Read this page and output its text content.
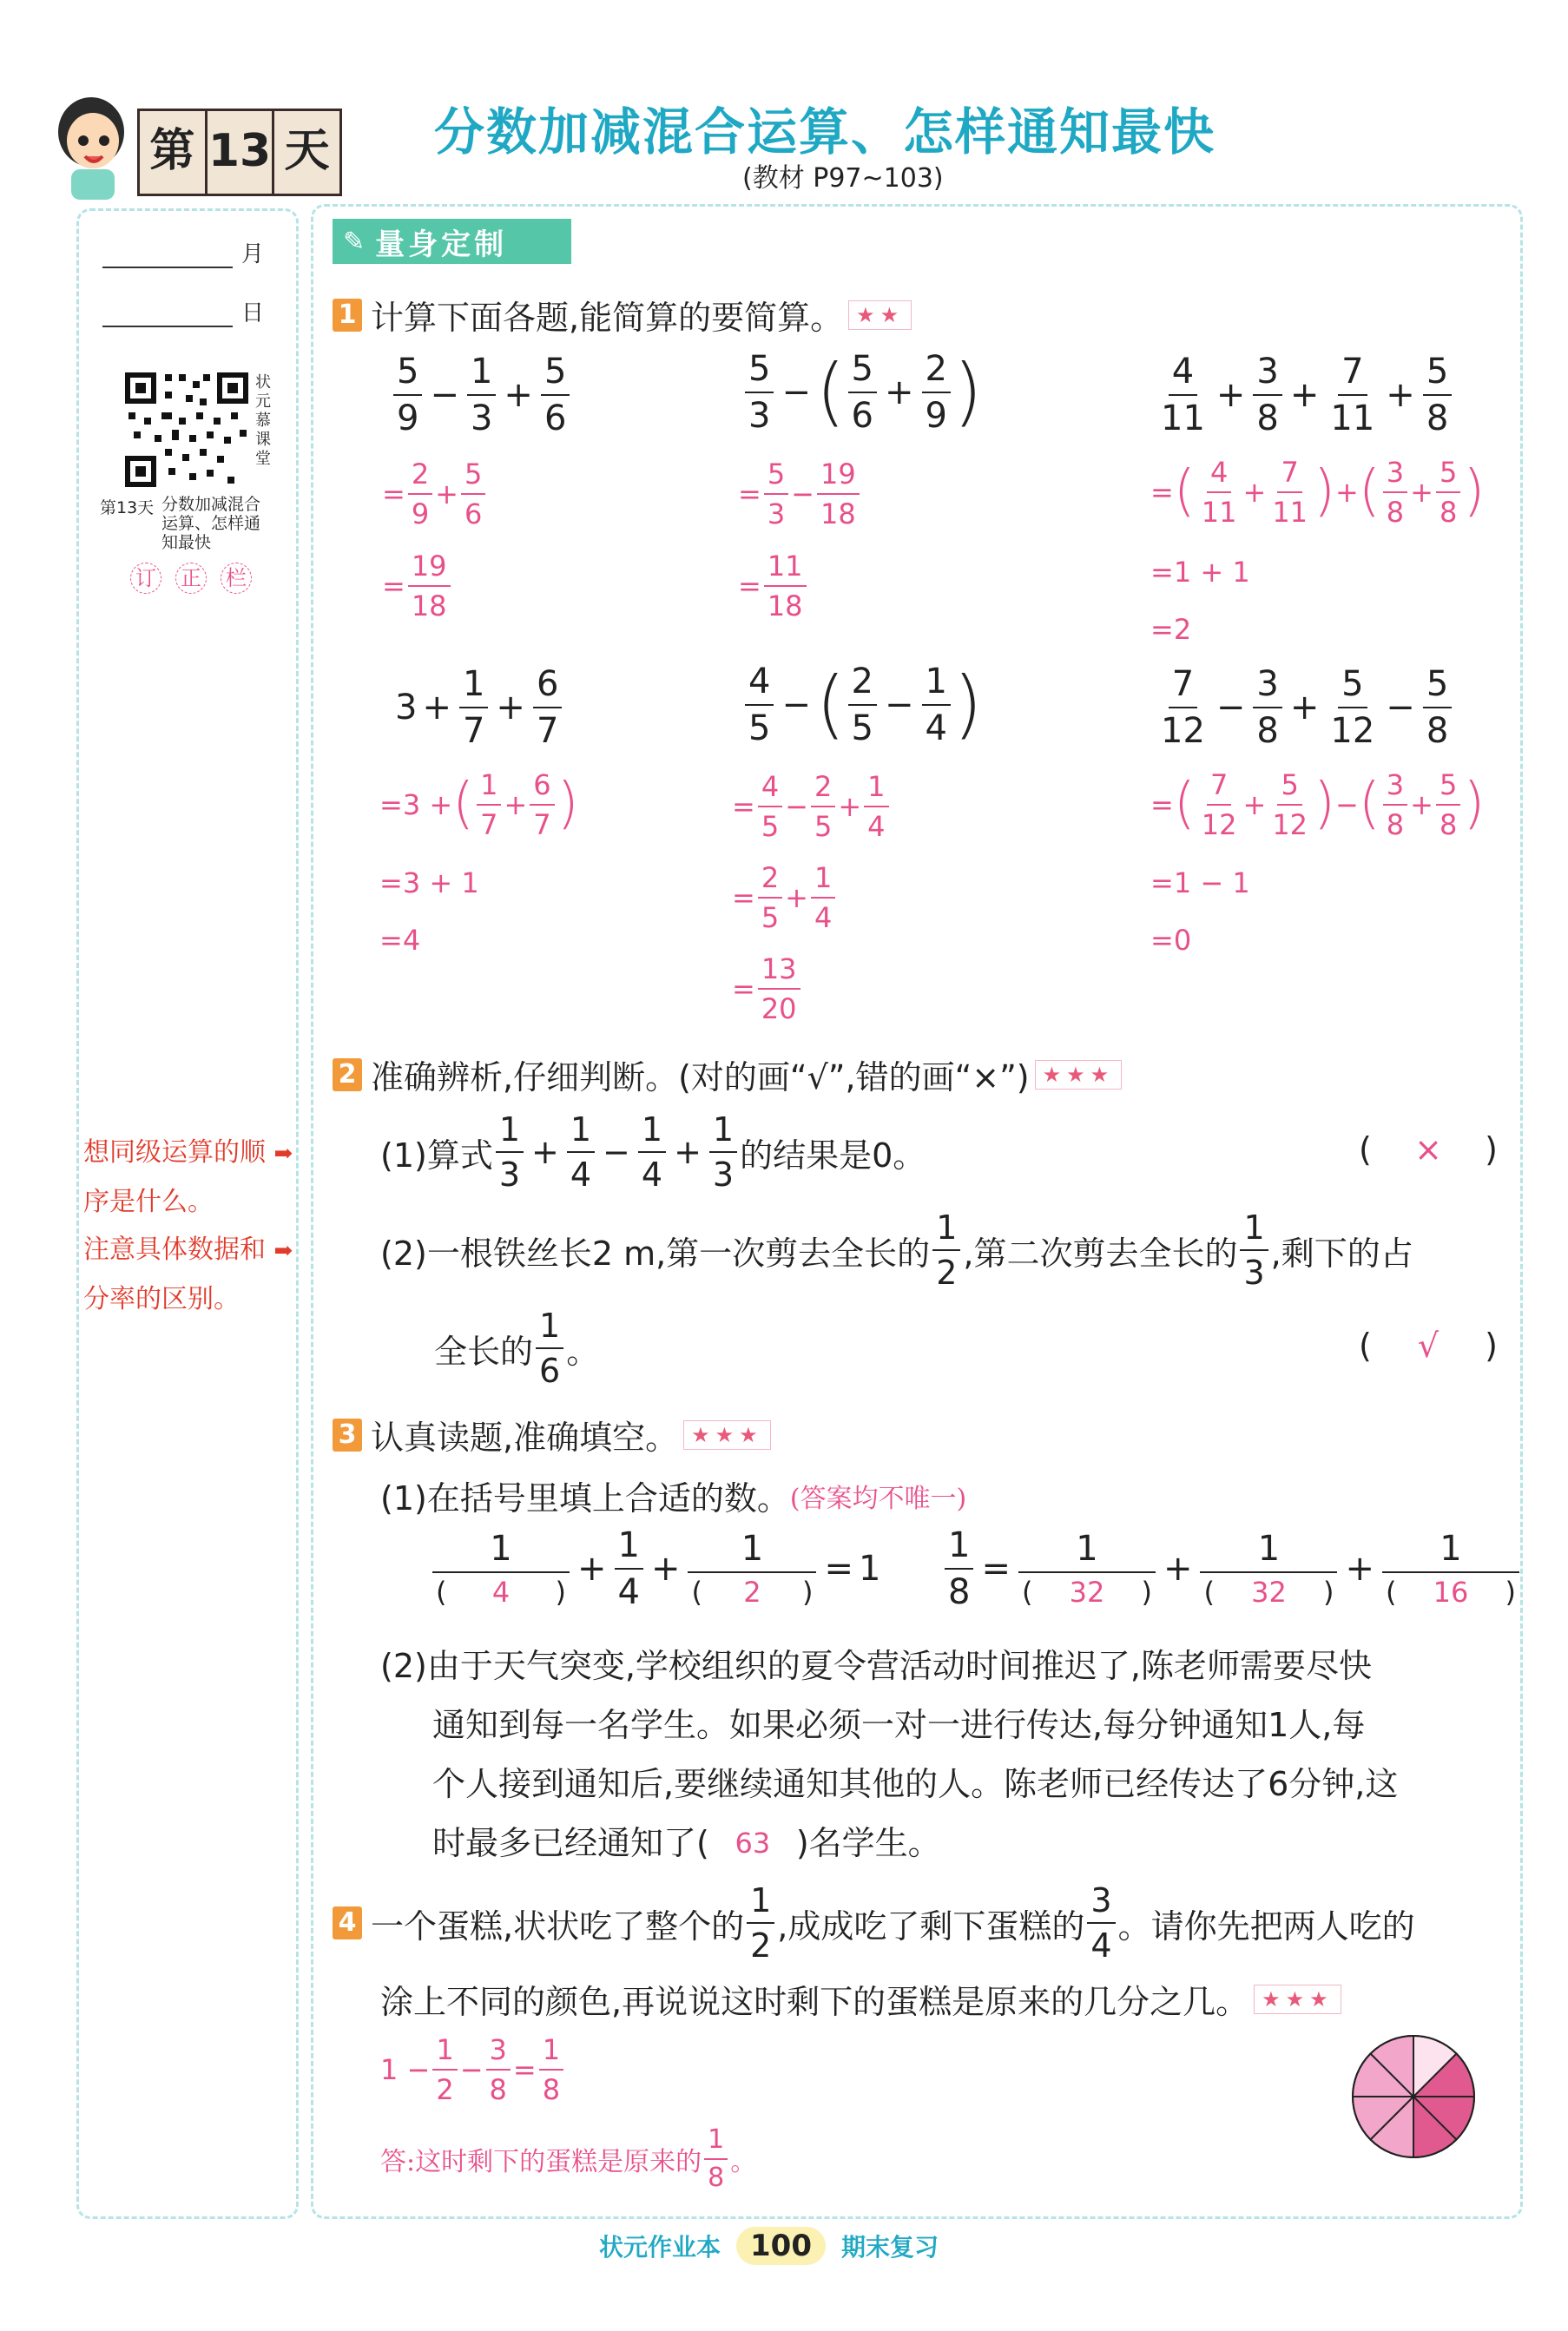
第 13 天 分数加减混合运算、怎样通知最快
(教材 P97~103)
月
日
状元慕课堂
第13天 分数加减混合运算、怎样通知最快
订 正 栏
想同级运算的顺 ➡
序是什么。
注意具体数据和 ➡
分率的区别。
✎ 量身定制
1 计算下面各题,能简算的要简算。 ★★
5
9
− $\frac{1}{3} + \frac{5}{6}$
=
2
9
+
5
6
=
19
18
5
3
− ( 5
6
+ $\frac{2}{9}$ )
=
5
3
−
19
18
=
11
18
4
11
+ $\frac{3}{8} + \frac{7}{11} + \frac{5}{8}$
= ( 4
11
+
7
11 ) + ( 3
8
+
5
8 )
=1 + 1
=2
$3 + \frac{1}{7} + \frac{6}{7}$
=3 + ( 1
7
+
6
7 )
=3 + 1
=4
4
5
− ( 2
5
− $\frac{1}{4}$ )
=
4
5
−
2
5
+
1
4
=
2
5
+
1
4
=
13
20
7
12
− $\frac{3}{8} + \frac{5}{12} - \frac{5}{8}$
= ( 7
12
+
5
12 ) − ( 3
8
+
5
8 )
=1 − 1
=0
2 准确辨析,仔细判断。(对的画“√”,错的画“×”) ★★★
(1)算式
1
3
+ $\frac{1}{4} - \frac{1}{4} + \frac{1}{3}$ 的结果是0。	( × )
(2)一根铁丝长2 m,第一次剪去全长的
1
2
,第二次剪去全长的
1
3
,剩下的占
全长的
1
6
。	( √ )
3 认真读题,准确填空。 ★★★
(1)在括号里填上合适的数。 (答案均不唯一)
1
( 4 )
+ $\frac{1}{4}$ +	1
( 2 )
= $1 \frac{1}{8}$ =	1
( 32 )
+	1
( 32 )
+	1
( 16 )
(2)由于天气突变,学校组织的夏令营活动时间推迟了,陈老师需要尽快
通知到每一名学生。如果必须一对一进行传达,每分钟通知1人,每
个人接到通知后,要继续通知其他的人。陈老师已经传达了6分钟,这
时最多已经通知了( 63 )名学生。
4 一个蛋糕,状状吃了整个的
1
2
,成成吃了剩下蛋糕的
3
4
。请你先把两人吃的
涂上不同的颜色,再说说这时剩下的蛋糕是原来的几分之几。 ★★★
1 −
1
2
−
3
8
=
1
8
答:这时剩下的蛋糕是原来的
1
8
。
状元作业本	100	期末复习
